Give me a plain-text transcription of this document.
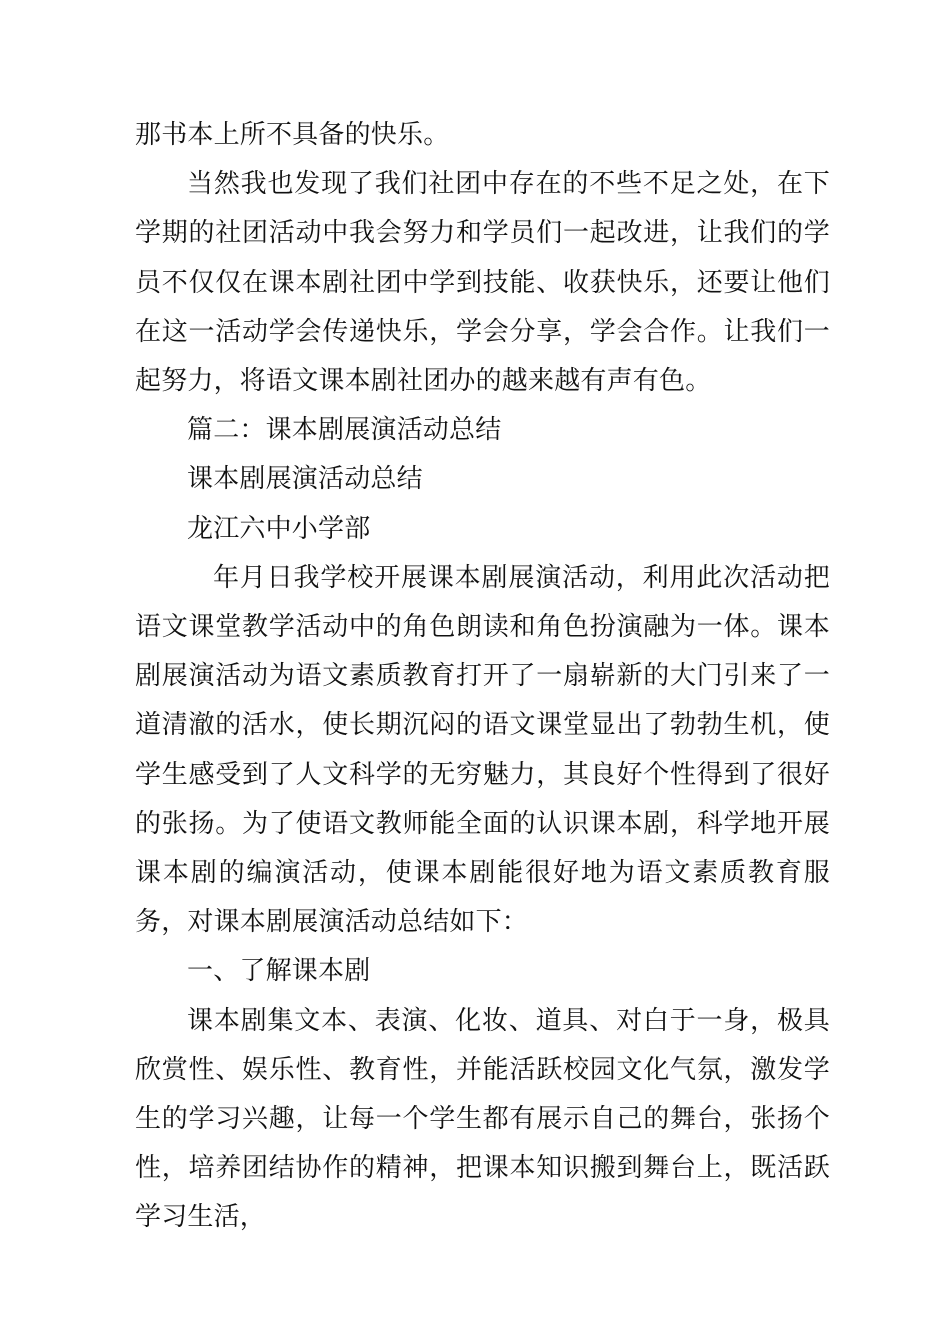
那书本上所不具备的快乐。

当然我也发现了我们社团中存在的不些不足之处，在下学期的社团活动中我会努力和学员们一起改进，让我们的学员不仅仅在课本剧社团中学到技能、收获快乐，还要让他们在这一活动学会传递快乐，学会分享，学会合作。让我们一起努力，将语文课本剧社团办的越来越有声有色。

篇二：课本剧展演活动总结

课本剧展演活动总结

龙江六中小学部

年月日我学校开展课本剧展演活动，利用此次活动把语文课堂教学活动中的角色朗读和角色扮演融为一体。课本剧展演活动为语文素质教育打开了一扇崭新的大门引来了一道清澈的活水，使长期沉闷的语文课堂显出了勃勃生机，使学生感受到了人文科学的无穷魅力，其良好个性得到了很好的张扬。为了使语文教师能全面的认识课本剧，科学地开展课本剧的编演活动，使课本剧能很好地为语文素质教育服务，对课本剧展演活动总结如下：

一、了解课本剧

课本剧集文本、表演、化妆、道具、对白于一身，极具欣赏性、娱乐性、教育性，并能活跃校园文化气氛，激发学生的学习兴趣，让每一个学生都有展示自己的舞台，张扬个性，培养团结协作的精神，把课本知识搬到舞台上，既活跃学习生活，
